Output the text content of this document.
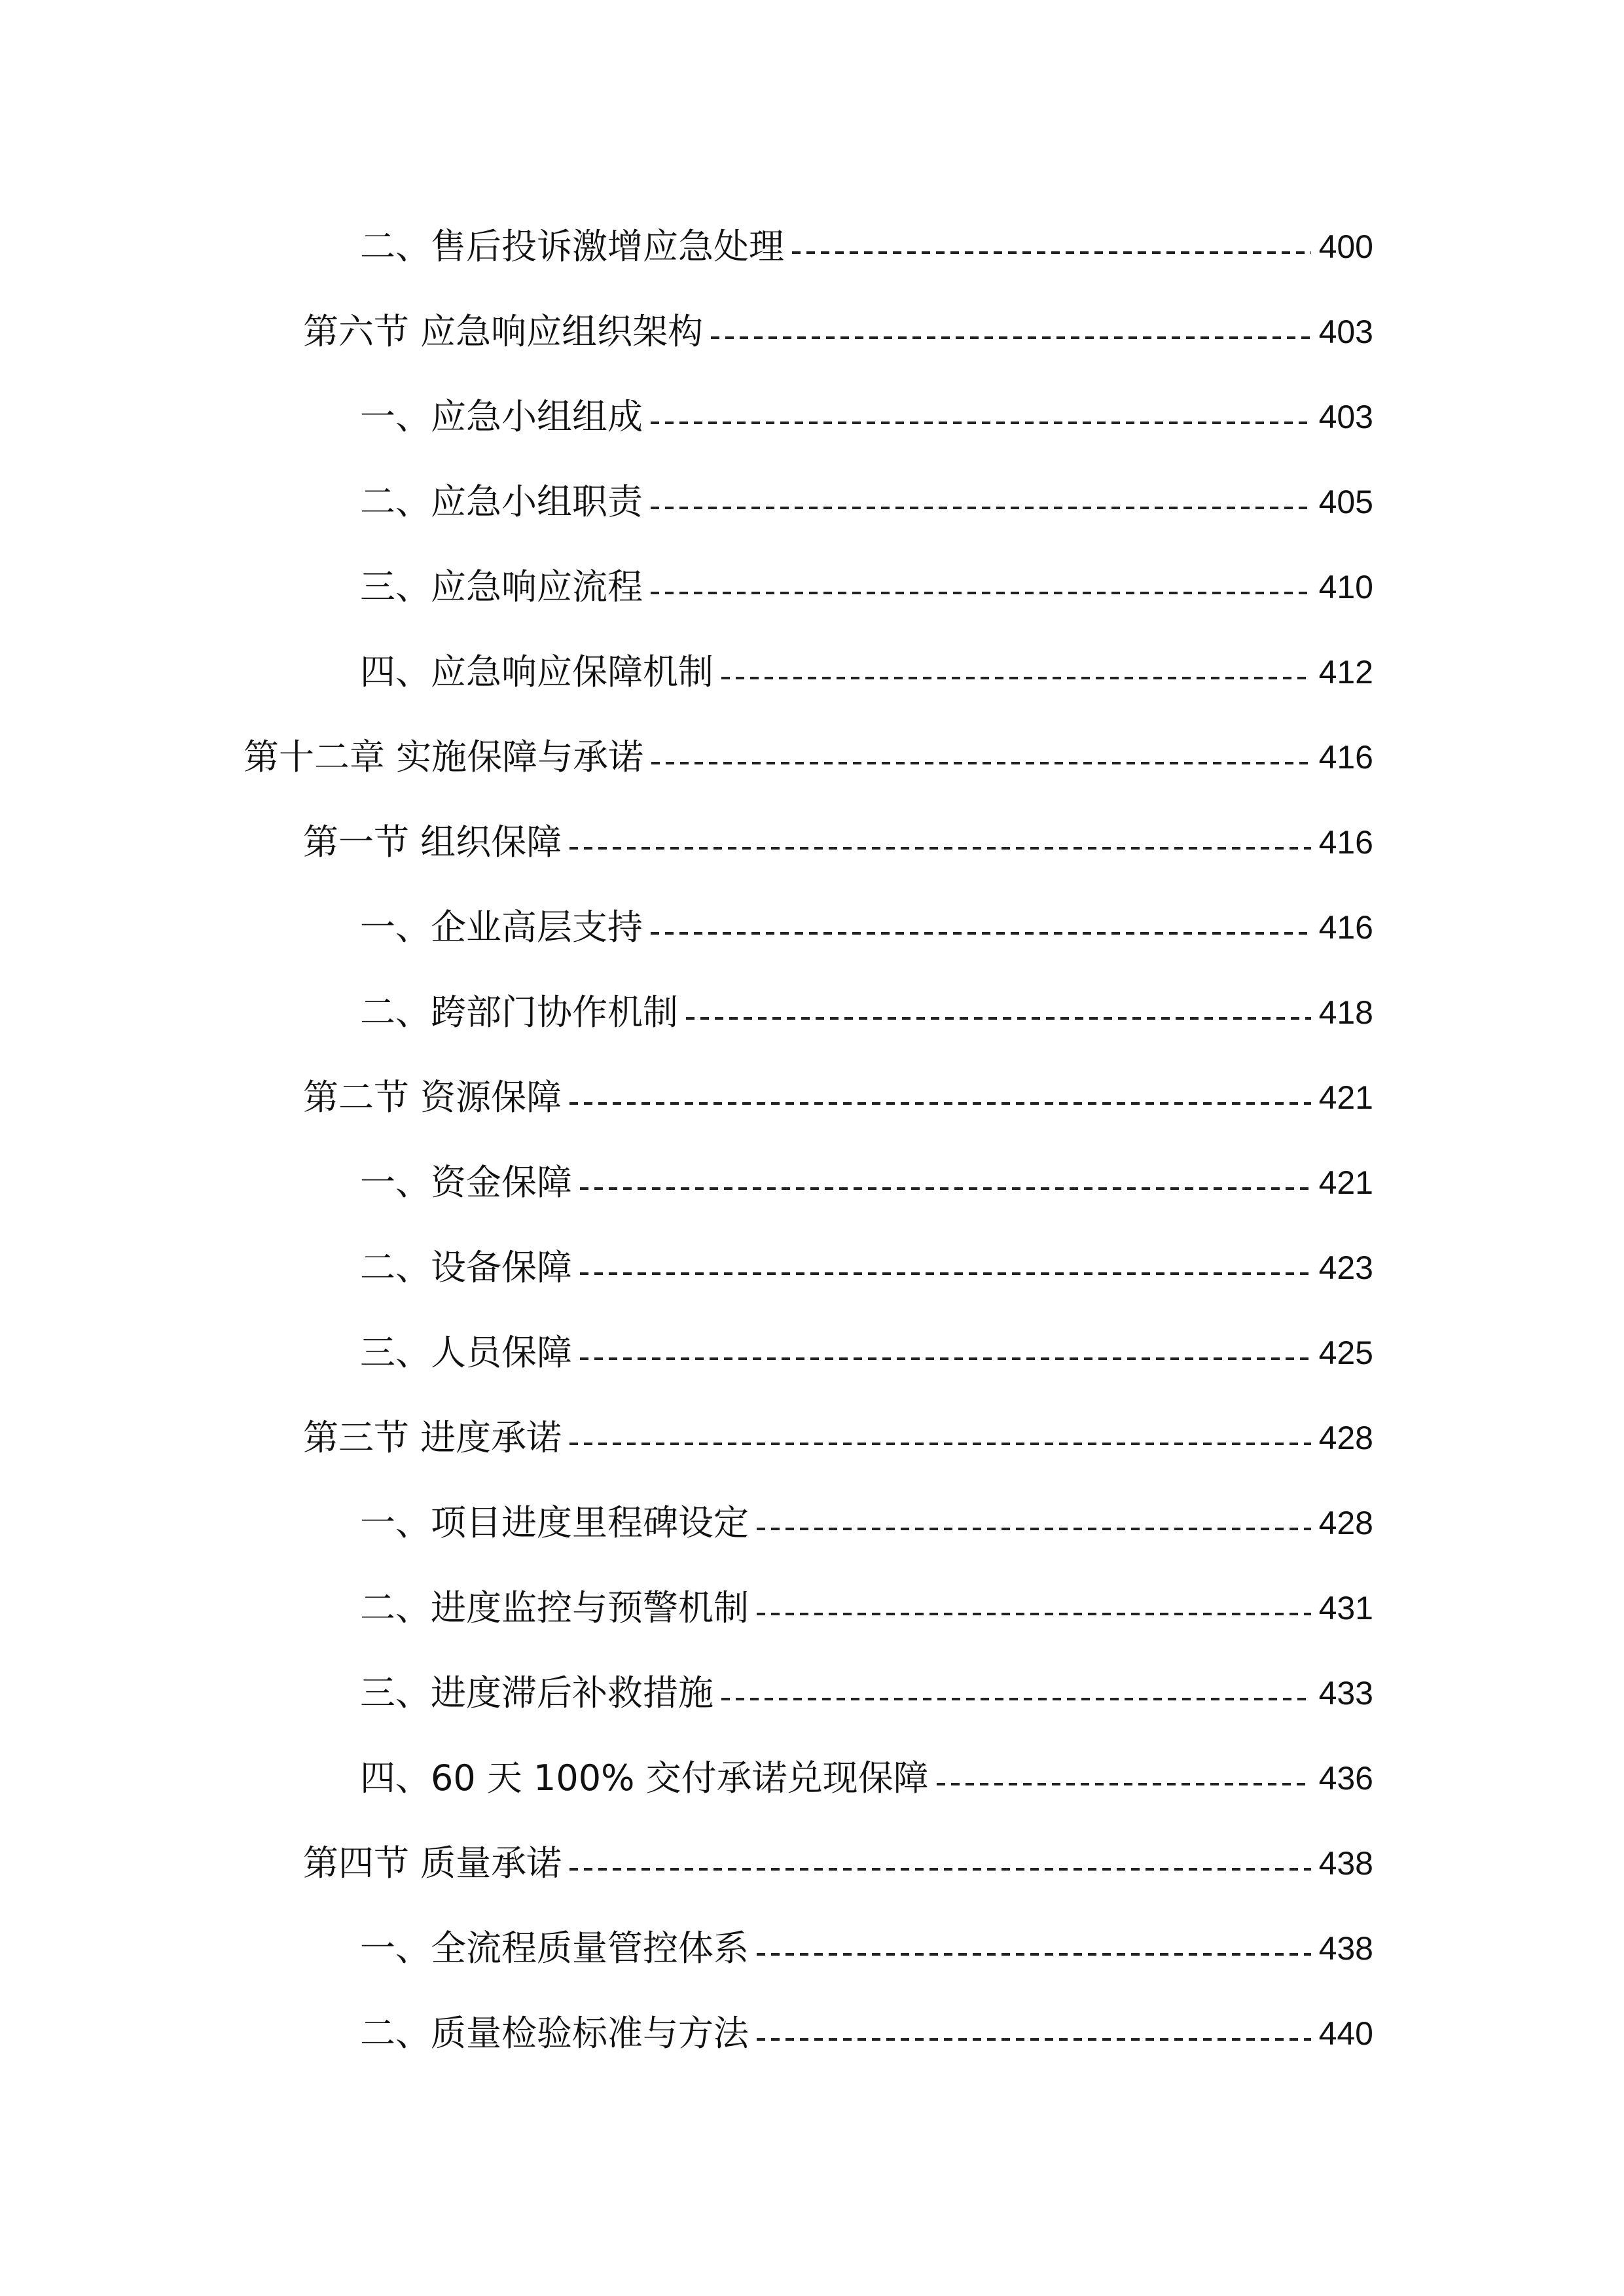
二、售后投诉激增应急处理	400
第六节 应急响应组织架构	403
一、应急小组组成	403
二、应急小组职责	405
三、应急响应流程	410
四、应急响应保障机制	412
第十二章 实施保障与承诺	416
第一节 组织保障	416
一、企业高层支持	416
二、跨部门协作机制	418
第二节 资源保障	421
一、资金保障	421
二、设备保障	423
三、人员保障	425
第三节 进度承诺	428
一、项目进度里程碑设定	428
二、进度监控与预警机制	431
三、进度滞后补救措施	433
四、60 天 100% 交付承诺兑现保障	436
第四节 质量承诺	438
一、全流程质量管控体系	438
二、质量检验标准与方法	440
